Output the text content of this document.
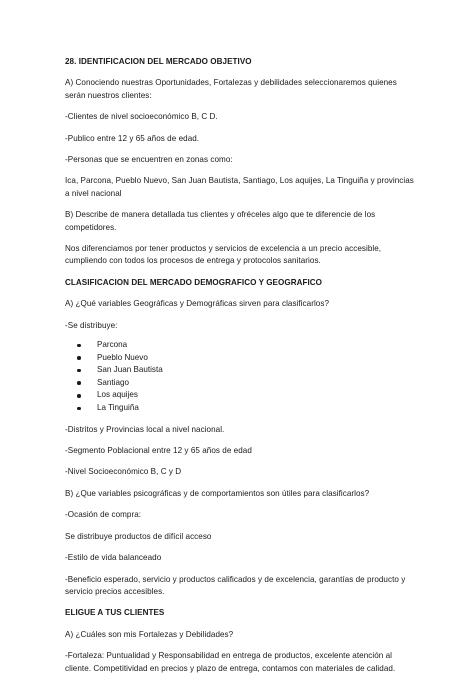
28. IDENTIFICACION DEL MERCADO OBJETIVO

A) Conociendo nuestras Oportunidades, Fortalezas y debilidades seleccionaremos quienes serán nuestros clientes:

-Clientes de nivel socioeconómico B, C D.

-Publico entre 12 y 65 años de edad.

-Personas que se encuentren en zonas como:

Ica, Parcona, Pueblo Nuevo, San Juan Bautista, Santiago, Los aquijes, La Tinguiña y provincias a nivel nacional

B) Describe de manera detallada tus clientes y ofréceles algo que te diferencie de los competidores.

Nos diferenciamos por tener productos y servicios de excelencia a un precio accesible, cumpliendo con todos los procesos de entrega y protocolos sanitarios.

CLASIFICACION DEL MERCADO DEMOGRAFICO Y GEOGRAFICO

A) ¿Qué variables Geográficas y Demográficas sirven para clasificarlos?

-Se distribuye:

Parcona
Pueblo Nuevo
San Juan Bautista
Santiago
Los aquijes
La Tinguiña

-Distritos y Provincias local a nivel nacional.

-Segmento Poblacional entre 12 y 65 años de edad

-Nivel Socioeconómico B, C y D

B) ¿Que variables psicográficas y de comportamientos son útiles para clasificarlos?

-Ocasión de compra:

Se distribuye productos de difícil acceso

-Estilo de vida balanceado

-Beneficio esperado, servicio y productos calificados y de excelencia, garantías de producto y servicio precios accesibles.

ELIGUE A TUS CLIENTES

A) ¿Cuáles son mis Fortalezas y Debilidades?

-Fortaleza: Puntualidad y Responsabilidad en entrega de productos, excelente atención al cliente. Competitividad en precios y plazo de entrega, contamos con materiales de calidad.
